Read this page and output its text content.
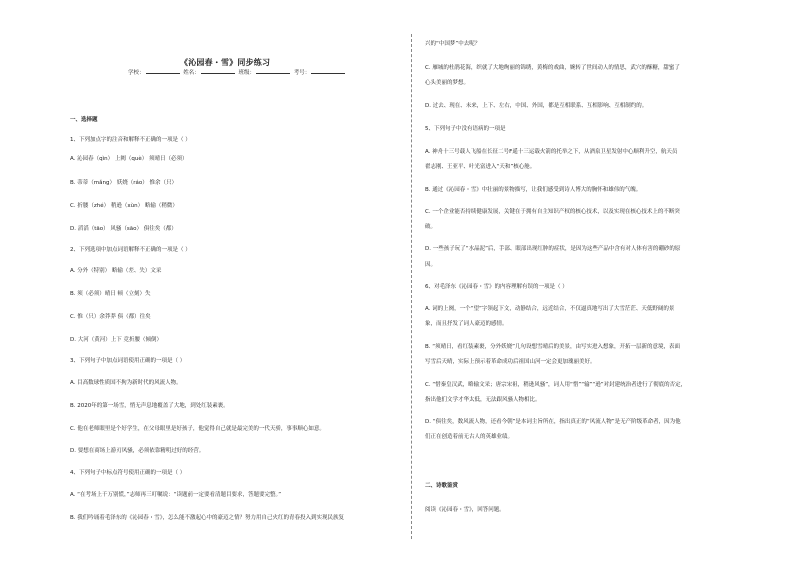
《沁园春・雪》同步练习
学校：	姓名：	班级：	考号：
一、选择题
1、下列加点字的注音和解释不正确的一项是（ ）
A. 沁园春（qìn） 上阙（què） 须晴日（必须）
B. 蒂蒂（mǎng） 妖娆（ráo） 惟余（只）
C. 折腰（zhé） 稍逊（xùn） 略输（稍微）
D. 滔滔（tāo） 风骚（sāo） 俱往矣（都）
2、下列选项中加点词语解释不正确的一项是（ ）
A. 分外（特别） 略输（差、失）文采
B. 须（必须）晴日 顿（立刻）失
C. 惟（只）余莽莽 俱（都）往矣
D. 大河（黄河）上下 竞折腰（倾倒）
3、下列句子中加点词语使用正确的一项是（ ）
A. 目高数球性质国不拘为新时代的风流人物。
B. 2020年的第一场雪，悄无声息地覆盖了大地，到处红装素裹。
C. 他在老师眼里是个好学生，在父母眼里是好孩子，他觉得自己就是最完美的一代天骄，事事顺心如意。
D. 要想在商场上游刃风骚，必须依靠精明过好的经营。
4、下列句子中标点符号使用正确的一项是（ ）
A. “在考场上千万别慌，”志师再三叮嘱说：“读题前一定要看清题目要求，答题要完整。”
B. 我们吟诵着毛泽东的《沁园春・雪》，怎么能不激起心中的豪迈之情？努力用自己火红的青春投入到实现民族复
兴的“中国梦”中去呢？
C. 雁城的杜鹃花海，织就了大地绚丽的锦绣，黄梅的戏曲，婉转了世间动人的情思，武穴的酥糖，甜蜜了
心头美丽的梦想。
D. 过去、现在、未来，上下、左右，中国、外国，都是互相联系、互相影响、互相制约的。
5、下列句子中没有语病的一项是
A. 神舟十三号载人飞船在长征二号F遥十三运载火箭的托举之下，从酒泉卫星发射中心顺利升空，航天员
翟志刚、王亚平、叶光富进入“天和”核心舱。
B. 通过《沁园春・雪》中壮丽的景物描写，让我们感受到诗人博大的胸怀和雄伟的气魄。
C. 一个企业能否持续健康发展，关键在于拥有自主知识产权的核心技术，以及实现在核心技术上的不断突
破。
D. 一些孩子玩了“水晶泥”后，手部、眼部出现红肿的症状，是因为这些产品中含有对人体有害的硼砂的原
因。
6、对毛泽东《沁园春・雪》的内容理解有误的一项是（ ）
A. 词的上阕，一个“望”字领起下文，动静结合，远近结合，不仅逼真地写出了大雪茫茫、天低野阔的景
象，而且抒发了词人豪迈的感情。
B. “须晴日，看红装素裹，分外妖娆”几句设想雪晴后的美景，由写实进入想象，开拓一层新的意境，表面
写雪后天晴，实际上预示着革命成功后祖国山河一定会更加瑰丽美好。
C. “惜秦皇汉武，略输文采；唐宗宋祖，稍逊风骚”，词人用“惜”“输”“逊”对封建统治者进行了彻底的否定，
指出他们文学才华太低，无法跟风骚人物相比。
D. “俱往矣，数风流人物，还看今朝”是本词主旨所在，指出真正的“风流人物”是无产阶级革命者，因为他
们正在创造着前无古人的英雄业绩。
二、诗歌鉴赏
阅读《沁园春・雪》，回答问题。
